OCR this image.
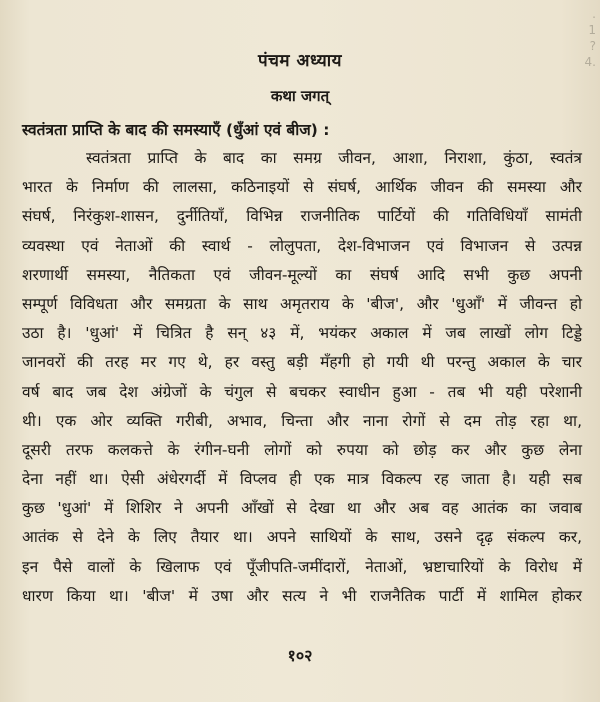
.
1
?
4.
पंचम अध्याय
कथा जगत्
स्वतंत्रता प्राप्ति के बाद की समस्याएँ (धुँआं एवं बीज) :
स्वतंत्रता प्राप्ति के बाद का समग्र जीवन, आशा, निराशा, कुंठा, स्वतंत्र
भारत के निर्माण की लालसा, कठिनाइयों से संघर्ष, आर्थिक जीवन की समस्या और
संघर्ष, निरंकुश-शासन, दुर्नीतियाँ, विभिन्न राजनीतिक पार्टियों की गतिविधियाँ सामंती
व्यवस्था एवं नेताओं की स्वार्थ - लोलुपता, देश-विभाजन एवं विभाजन से उत्पन्न
शरणार्थी समस्या, नैतिकता एवं जीवन-मूल्यों का संघर्ष आदि सभी कुछ अपनी
सम्पूर्ण विविधता और समग्रता के साथ अमृतराय के 'बीज', और 'धुआँ' में जीवन्त हो
उठा है। 'धुआं' में चित्रित है सन् ४३ में, भयंकर अकाल में जब लाखों लोग टिड्डे
जानवरों की तरह मर गए थे, हर वस्तु बड़ी मँहगी हो गयी थी परन्तु अकाल के चार
वर्ष बाद जब देश अंग्रेजों के चंगुल से बचकर स्वाधीन हुआ - तब भी यही परेशानी
थी। एक ओर व्यक्ति गरीबी, अभाव, चिन्ता और नाना रोगों से दम तोड़ रहा था,
दूसरी तरफ कलकत्ते के रंगीन-घनी लोगों को रुपया को छोड़ कर और कुछ लेना
देना नहीं था। ऐसी अंधेरगर्दी में विप्लव ही एक मात्र विकल्प रह जाता है। यही सब
कुछ 'धुआं' में शिशिर ने अपनी आँखों से देखा था और अब वह आतंक का जवाब
आतंक से देने के लिए तैयार था। अपने साथियों के साथ, उसने दृढ़ संकल्प कर,
इन पैसे वालों के खिलाफ एवं पूँजीपति-जमींदारों, नेताओं, भ्रष्टाचारियों के विरोध में
धारण किया था। 'बीज' में उषा और सत्य ने भी राजनैतिक पार्टी में शामिल होकर
१०२
